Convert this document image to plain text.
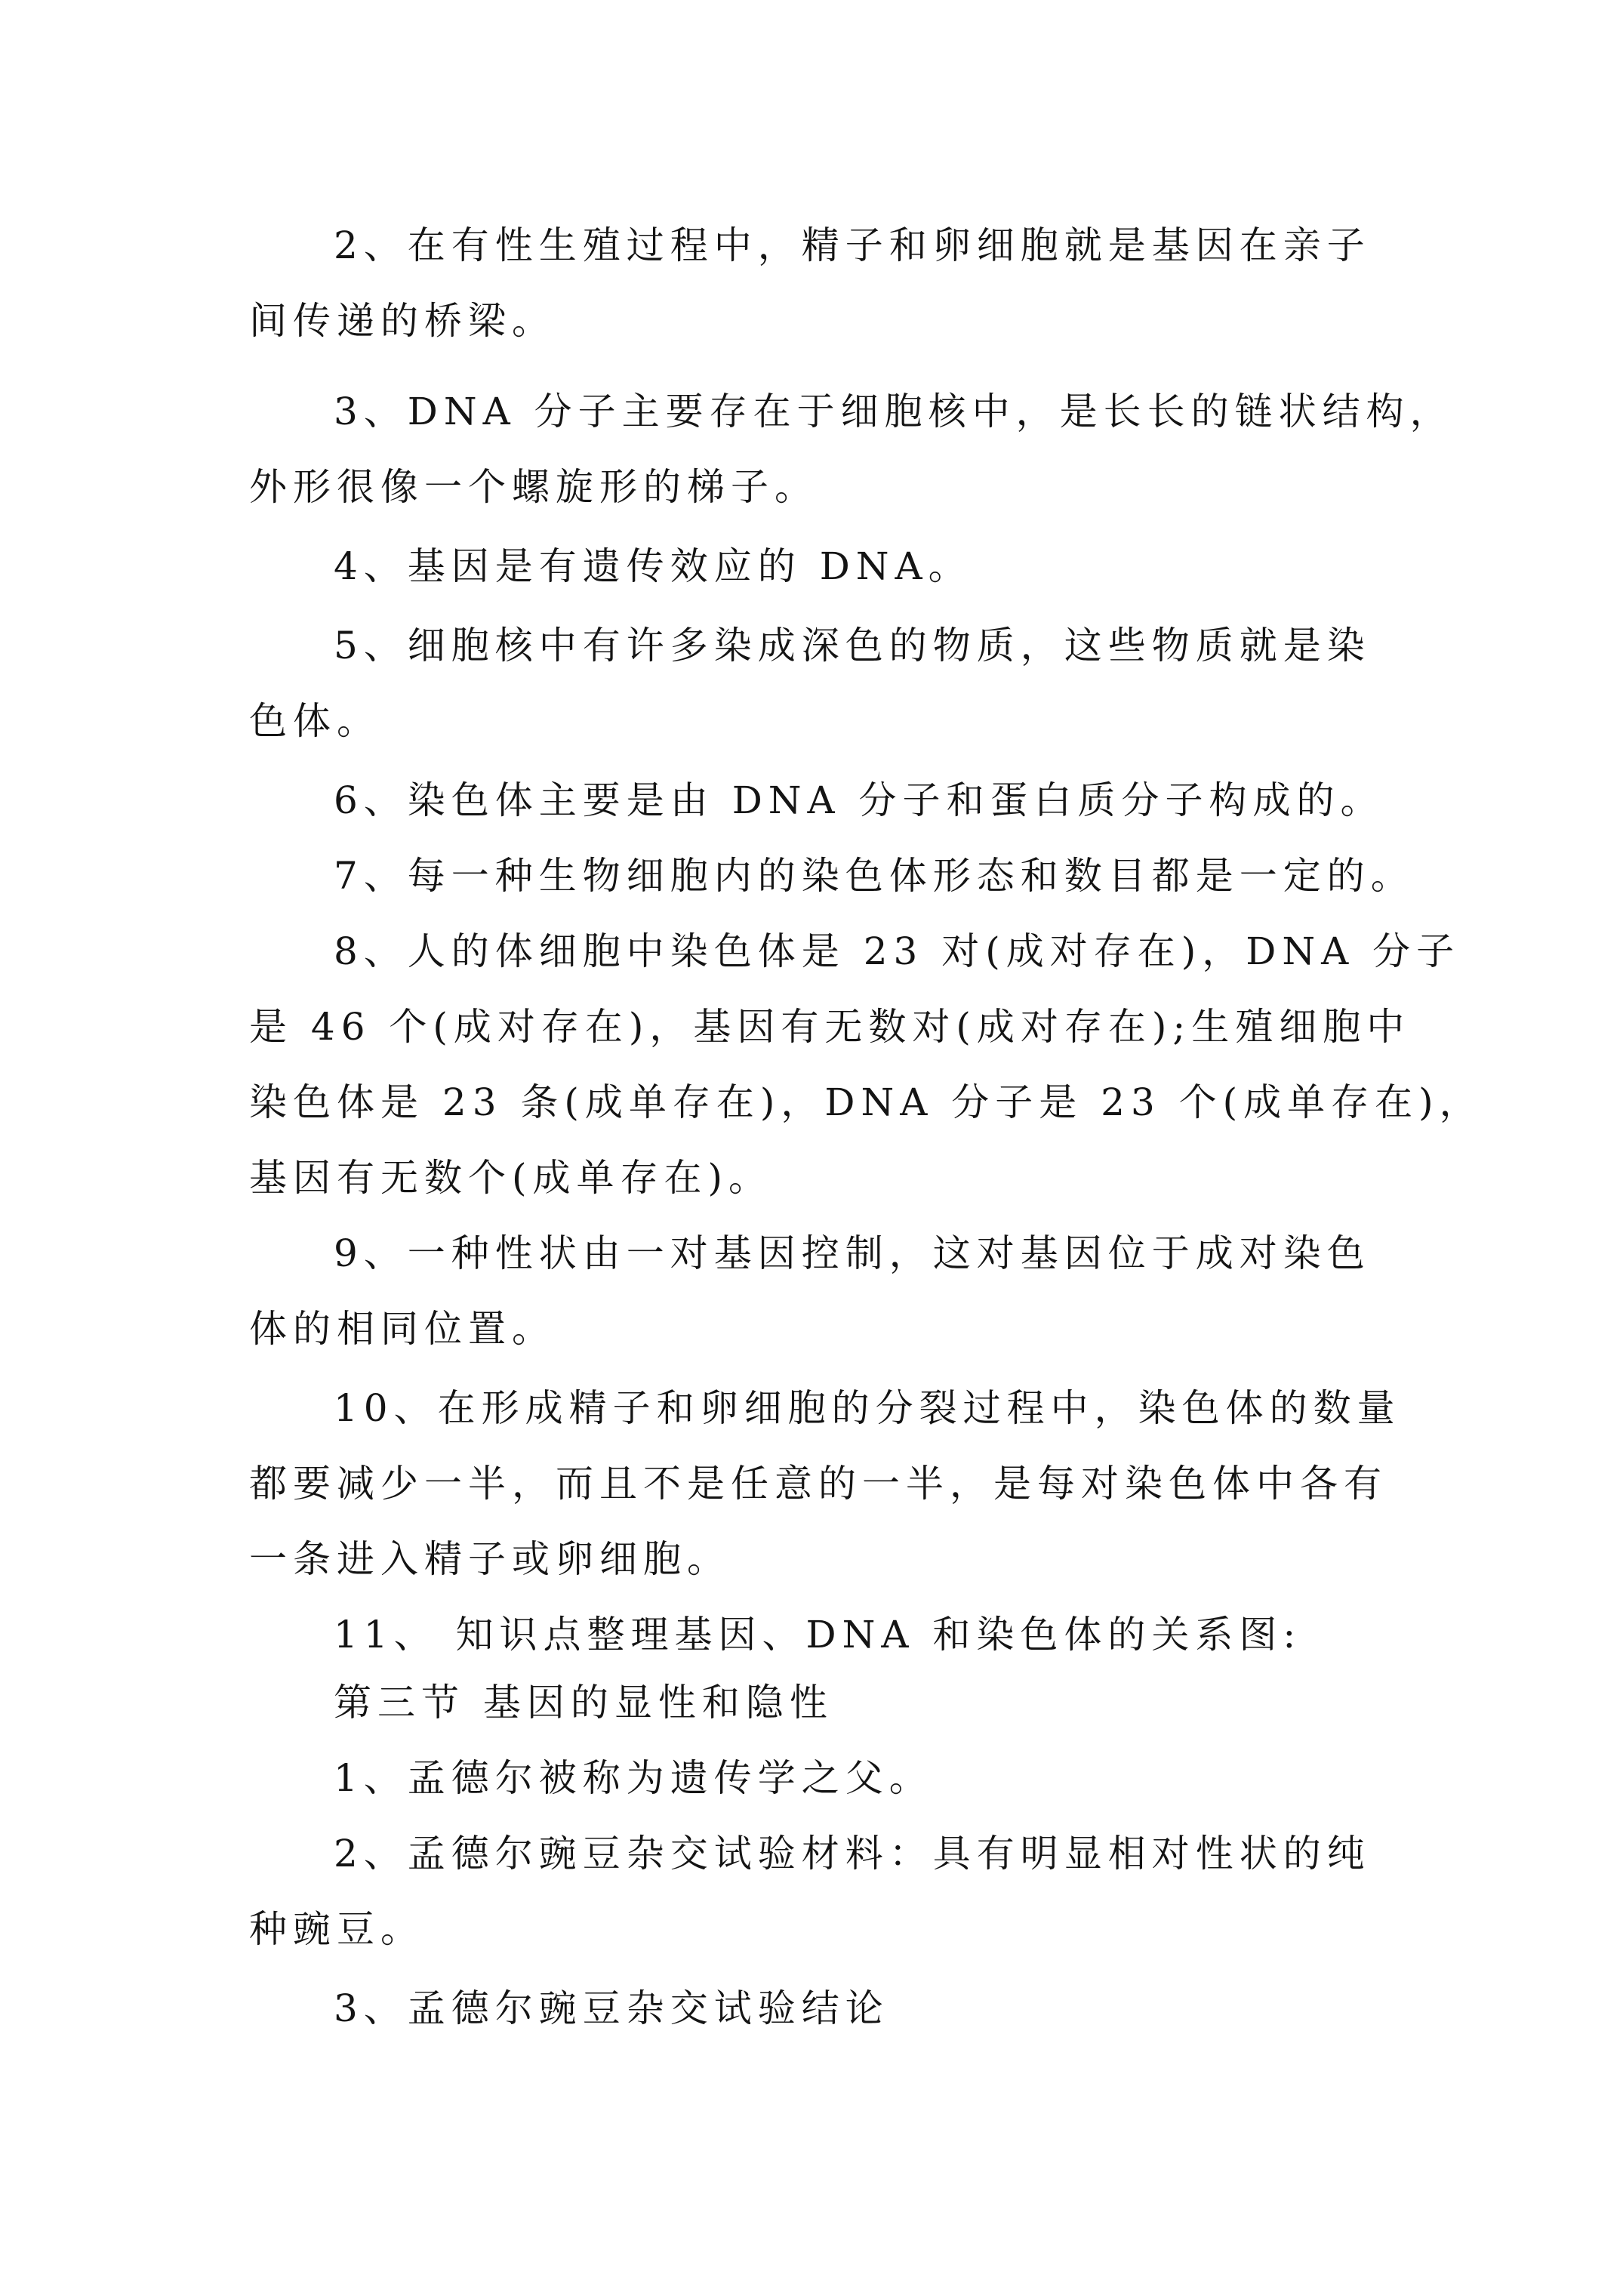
2、在有性生殖过程中，精子和卵细胞就是基因在亲子
间传递的桥梁。
3、DNA 分子主要存在于细胞核中，是长长的链状结构，
外形很像一个螺旋形的梯子。
4、基因是有遗传效应的 DNA。
5、细胞核中有许多染成深色的物质，这些物质就是染
色体。
6、染色体主要是由 DNA 分子和蛋白质分子构成的。
7、每一种生物细胞内的染色体形态和数目都是一定的。
8、人的体细胞中染色体是 23 对(成对存在)，DNA 分子
是 46 个(成对存在)，基因有无数对(成对存在);生殖细胞中
染色体是 23 条(成单存在)，DNA 分子是 23 个(成单存在)，
基因有无数个(成单存在)。
9、一种性状由一对基因控制，这对基因位于成对染色
体的相同位置。
10、在形成精子和卵细胞的分裂过程中，染色体的数量
都要减少一半，而且不是任意的一半，是每对染色体中各有
一条进入精子或卵细胞。
11、 知识点整理基因、DNA 和染色体的关系图:
第三节 基因的显性和隐性
1、孟德尔被称为遗传学之父。
2、孟德尔豌豆杂交试验材料：具有明显相对性状的纯
种豌豆。
3、孟德尔豌豆杂交试验结论
